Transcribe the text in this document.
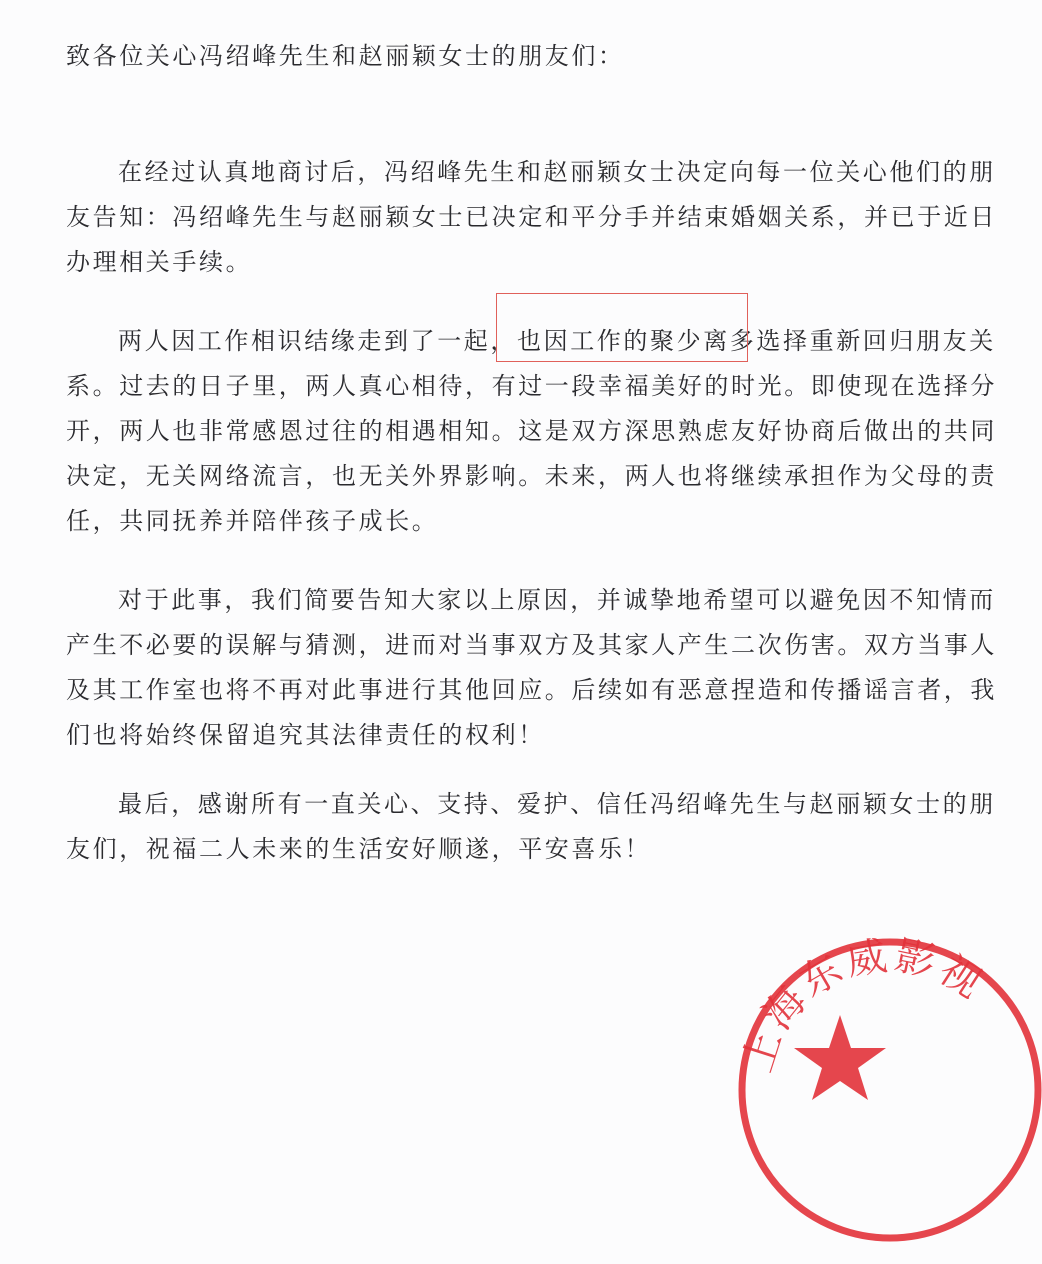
致各位关心冯绍峰先生和赵丽颖女士的朋友们：
在经过认真地商讨后，冯绍峰先生和赵丽颖女士决定向每一位关心他们的朋
友告知：冯绍峰先生与赵丽颖女士已决定和平分手并结束婚姻关系，并已于近日
办理相关手续。
两人因工作相识结缘走到了一起，也因工作的聚少离多选择重新回归朋友关
系。过去的日子里，两人真心相待，有过一段幸福美好的时光。即使现在选择分
开，两人也非常感恩过往的相遇相知。这是双方深思熟虑友好协商后做出的共同
决定，无关网络流言，也无关外界影响。未来，两人也将继续承担作为父母的责
任，共同抚养并陪伴孩子成长。
对于此事，我们简要告知大家以上原因，并诚挚地希望可以避免因不知情而
产生不必要的误解与猜测，进而对当事双方及其家人产生二次伤害。双方当事人
及其工作室也将不再对此事进行其他回应。后续如有恶意捏造和传播谣言者，我
们也将始终保留追究其法律责任的权利！
最后，感谢所有一直关心、支持、爱护、信任冯绍峰先生与赵丽颖女士的朋
友们，祝福二人未来的生活安好顺遂，平安喜乐！
上海东威影视
